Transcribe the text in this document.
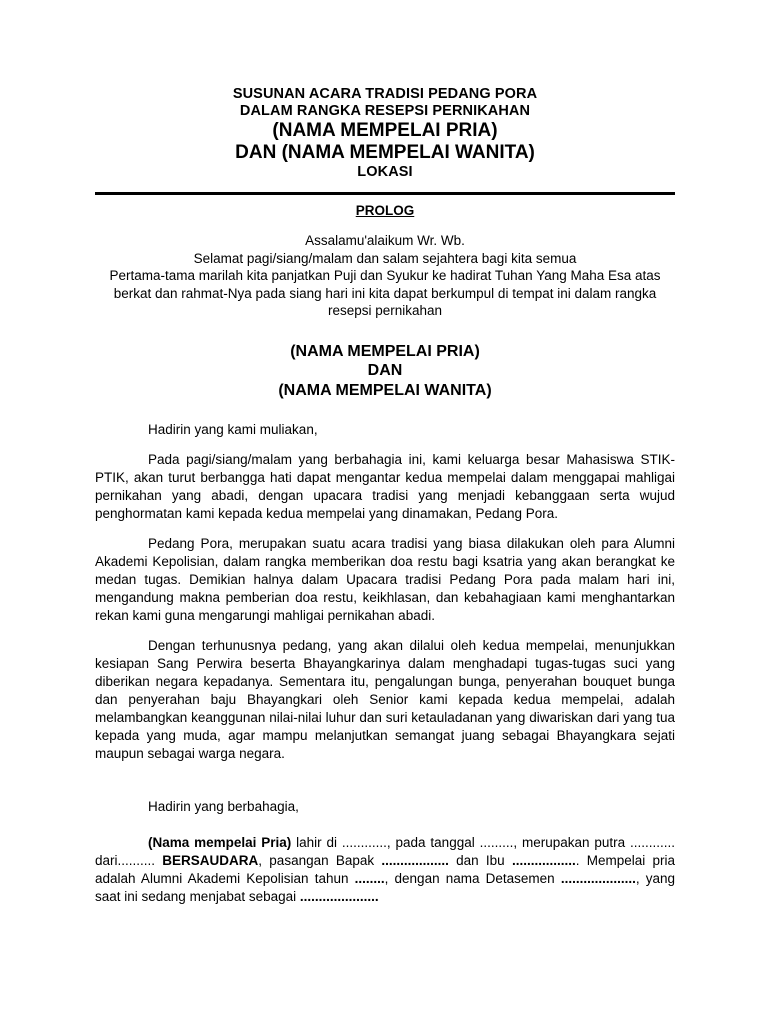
SUSUNAN ACARA TRADISI PEDANG PORA
DALAM RANGKA RESEPSI PERNIKAHAN
(NAMA MEMPELAI PRIA)
DAN (NAMA MEMPELAI WANITA)
LOKASI
PROLOG
Assalamu'alaikum Wr. Wb.
Selamat pagi/siang/malam dan salam sejahtera bagi kita semua
Pertama-tama marilah kita panjatkan Puji dan Syukur ke hadirat Tuhan Yang Maha Esa atas berkat dan rahmat-Nya pada siang hari ini kita dapat berkumpul di tempat ini dalam rangka resepsi pernikahan
(NAMA MEMPELAI PRIA)
DAN
(NAMA MEMPELAI WANITA)

Hadirin yang kami muliakan,

Pada pagi/siang/malam yang berbahagia ini, kami keluarga besar Mahasiswa STIK-PTIK, akan turut berbangga hati dapat mengantar kedua mempelai dalam menggapai mahligai pernikahan yang abadi, dengan upacara tradisi yang menjadi kebanggaan serta wujud penghormatan kami kepada kedua mempelai yang dinamakan, Pedang Pora.

Pedang Pora, merupakan suatu acara tradisi yang biasa dilakukan oleh para Alumni Akademi Kepolisian, dalam rangka memberikan doa restu bagi ksatria yang akan berangkat ke medan tugas. Demikian halnya dalam Upacara tradisi Pedang Pora pada malam hari ini, mengandung makna pemberian doa restu, keikhlasan, dan kebahagiaan kami menghantarkan rekan kami guna mengarungi mahligai pernikahan abadi.

Dengan terhunusnya pedang, yang akan dilalui oleh kedua mempelai, menunjukkan kesiapan Sang Perwira beserta Bhayangkarinya dalam menghadapi tugas-tugas suci yang diberikan negara kepadanya. Sementara itu, pengalungan bunga, penyerahan bouquet bunga dan penyerahan baju Bhayangkari oleh Senior kami kepada kedua mempelai, adalah melambangkan keanggunan nilai-nilai luhur dan suri ketauladanan yang diwariskan dari yang tua kepada yang muda, agar mampu melanjutkan semangat juang sebagai Bhayangkara sejati maupun sebagai warga negara.

Hadirin yang berbahagia,

(Nama mempelai Pria) lahir di ............, pada tanggal ........., merupakan putra ............ dari.......... BERSAUDARA, pasangan Bapak .................. dan Ibu .................. Mempelai pria adalah Alumni Akademi Kepolisian tahun ........, dengan nama Detasemen ...................., yang saat ini sedang menjabat sebagai .....................
